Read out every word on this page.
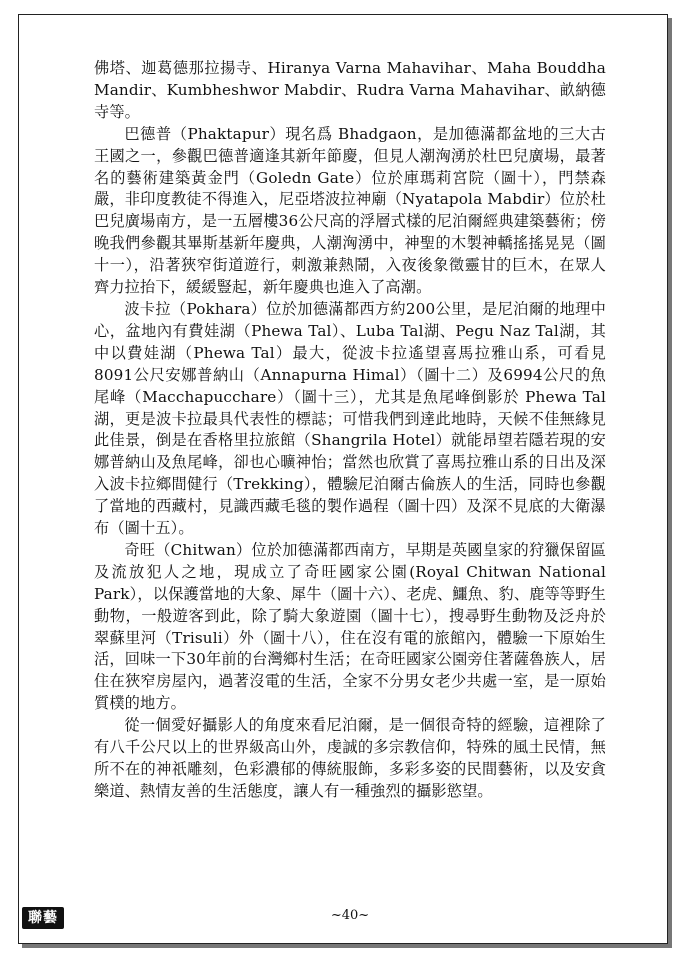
佛塔、迦葛德那拉揚寺、Hiranya Varna Mahavihar、Maha Bouddha Mandir、Kumbheshwor Mabdir、Rudra Varna Mahavihar、畝納德寺等。

巴德普（Phaktapur）現名爲 Bhadgaon，是加德滿都盆地的三大古王國之一，參觀巴德普適逢其新年節慶，但見人潮洶湧於杜巴兒廣場，最著名的藝術建築黃金門（Goledn Gate）位於庫瑪莉宮院（圖十），門禁森嚴，非印度教徒不得進入，尼亞塔波拉神廟（Nyatapola Mabdir）位於杜巴兒廣場南方，是一五層樓36公尺高的浮層式樣的尼泊爾經典建築藝術；傍晚我們參觀其畢斯基新年慶典，人潮洶湧中，神聖的木製神轎搖搖晃晃（圖十一），沿著狹窄街道遊行，刺激兼熱鬧，入夜後象徵靈甘的巨木，在眾人齊力拉抬下，緩緩豎起，新年慶典也進入了高潮。

波卡拉（Pokhara）位於加德滿都西方約200公里，是尼泊爾的地理中心，盆地內有費娃湖（Phewa Tal）、Luba Tal湖、Pegu Naz Tal湖，其中以費娃湖（Phewa Tal）最大，從波卡拉遙望喜馬拉雅山系，可看見8091公尺安娜普納山（Annapurna Himal）（圖十二）及6994公尺的魚尾峰（Macchapucchare）（圖十三），尤其是魚尾峰倒影於 Phewa Tal湖，更是波卡拉最具代表性的標誌；可惜我們到達此地時，天候不佳無緣見此佳景，倒是在香格里拉旅館（Shangrila Hotel）就能昂望若隱若現的安娜普納山及魚尾峰，卻也心曠神怡；當然也欣賞了喜馬拉雅山系的日出及深入波卡拉鄉間健行（Trekking），體驗尼泊爾古倫族人的生活，同時也參觀了當地的西藏村，見識西藏毛毯的製作過程（圖十四）及深不見底的大衛瀑布（圖十五）。

奇旺（Chitwan）位於加德滿都西南方，早期是英國皇家的狩獵保留區及流放犯人之地，現成立了奇旺國家公園(Royal Chitwan National Park），以保護當地的大象、犀牛（圖十六）、老虎、鱷魚、豹、鹿等等野生動物，一般遊客到此，除了騎大象遊園（圖十七），搜尋野生動物及泛舟於翠蘇里河（Trisuli）外（圖十八），住在沒有電的旅館內，體驗一下原始生活，回味一下30年前的台灣鄉村生活；在奇旺國家公園旁住著薩魯族人，居住在狹窄房屋內，過著沒電的生活，全家不分男女老少共處一室，是一原始質樸的地方。

從一個愛好攝影人的角度來看尼泊爾，是一個很奇特的經驗，這裡除了有八千公尺以上的世界級高山外，虔誠的多宗教信仰，特殊的風土民情，無所不在的神祇雕刻，色彩濃郁的傳統服飾，多彩多姿的民間藝術，以及安貪樂道、熱情友善的生活態度，讓人有一種強烈的攝影慾望。

聯藝	~40~
